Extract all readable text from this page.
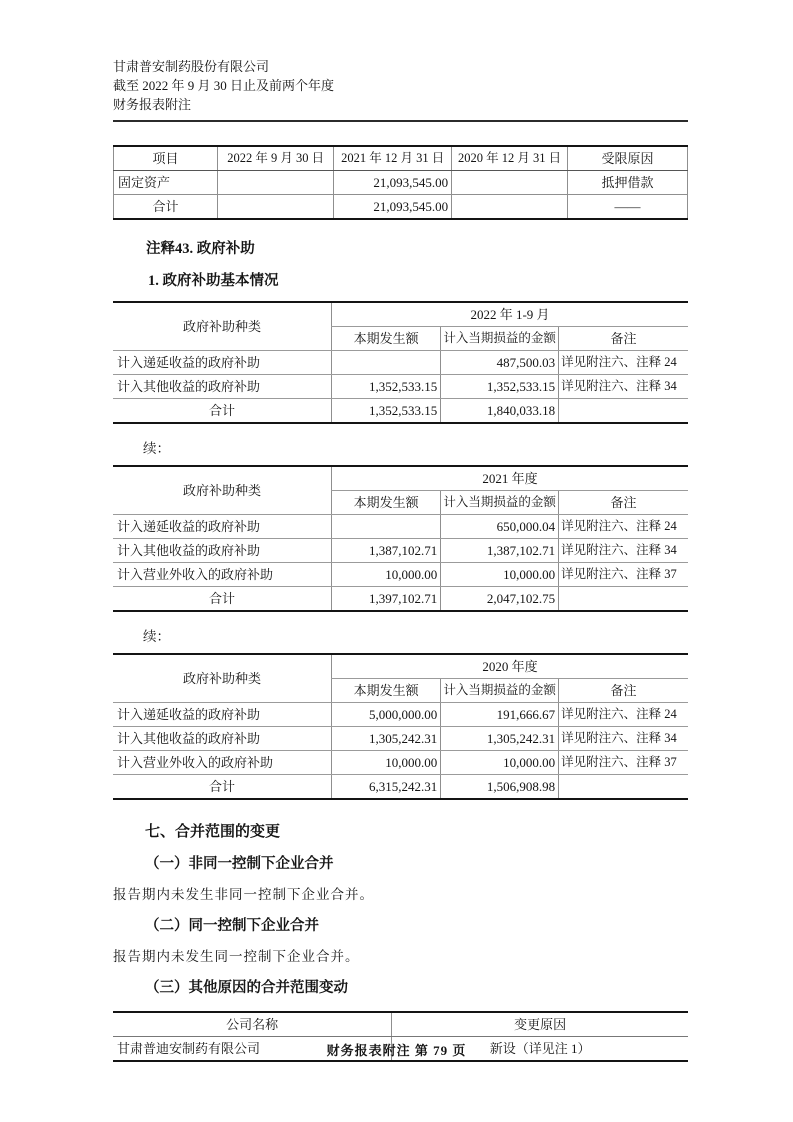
甘肃普安制药股份有限公司

截至 2022 年 9 月 30 日止及前两个年度

财务报表附注

项目	2022 年 9 月 30 日	2021 年 12 月 31 日	2020 年 12 月 31 日	受限原因
固定资产		21,093,545.00		抵押借款
合计		21,093,545.00		——
注释43. 政府补助
1. 政府补助基本情况
政府补助种类	2022 年 1-9 月		
	本期发生额	计入当期损益的金额	备注
计入递延收益的政府补助		487,500.03	详见附注六、注释 24
计入其他收益的政府补助	1,352,533.15	1,352,533.15	详见附注六、注释 34
合计	1,352,533.15	1,840,033.18	
续：
政府补助种类	2021 年度		
	本期发生额	计入当期损益的金额	备注
计入递延收益的政府补助		650,000.04	详见附注六、注释 24
计入其他收益的政府补助	1,387,102.71	1,387,102.71	详见附注六、注释 34
计入营业外收入的政府补助	10,000.00	10,000.00	详见附注六、注释 37
合计	1,397,102.71	2,047,102.75	
续：
政府补助种类	2020 年度		
	本期发生额	计入当期损益的金额	备注
计入递延收益的政府补助	5,000,000.00	191,666.67	详见附注六、注释 24
计入其他收益的政府补助	1,305,242.31	1,305,242.31	详见附注六、注释 34
计入营业外收入的政府补助	10,000.00	10,000.00	详见附注六、注释 37
合计	6,315,242.31	1,506,908.98	
七、合并范围的变更
（一）非同一控制下企业合并

报告期内未发生非同一控制下企业合并。

（二）同一控制下企业合并

报告期内未发生同一控制下企业合并。

（三）其他原因的合并范围变动
公司名称	变更原因
甘肃普迪安制药有限公司	新设（详见注 1）
财务报表附注 第 79 页
